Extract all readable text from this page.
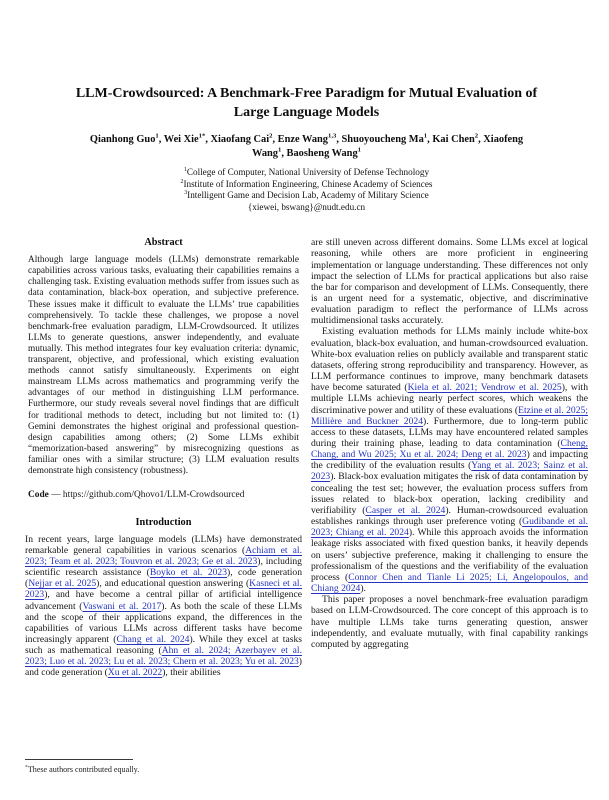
LLM-Crowdsourced: A Benchmark-Free Paradigm for Mutual Evaluation of
Large Language Models
Qianhong Guo$^1$, Wei Xie$^{1*}$, Xiaofang Cai$^2$, Enze Wang$^{1,3}$, Shuoyoucheng Ma$^1$, Kai Chen$^2$, Xiaofeng Wang$^1$, Baosheng Wang$^1$
$^1$College of Computer, National University of Defense Technology
$^2$Institute of Information Engineering, Chinese Academy of Sciences
$^3$Intelligent Game and Decision Lab, Academy of Military Science
{xiewei, bswang}@nudt.edu.cn
Abstract
Although large language models (LLMs) demonstrate remarkable capabilities across various tasks, evaluating their capabilities remains a challenging task. Existing evaluation methods suffer from issues such as data contamination, black-box operation, and subjective preference. These issues make it difficult to evaluate the LLMs’ true capabilities comprehensively. To tackle these challenges, we propose a novel benchmark-free evaluation paradigm, LLM-Crowdsourced. It utilizes LLMs to generate questions, answer independently, and evaluate mutually. This method integrates four key evaluation criteria: dynamic, transparent, objective, and professional, which existing evaluation methods cannot satisfy simultaneously. Experiments on eight mainstream LLMs across mathematics and programming verify the advantages of our method in distinguishing LLM performance. Furthermore, our study reveals several novel findings that are difficult for traditional methods to detect, including but not limited to: (1) Gemini demonstrates the highest original and professional question-design capabilities among others; (2) Some LLMs exhibit “memorization-based answering” by misrecognizing questions as familiar ones with a similar structure; (3) LLM evaluation results demonstrate high consistency (robustness).
Code — https://github.com/Qhovo1/LLM-Crowdsourced
Introduction
In recent years, large language models (LLMs) have demonstrated remarkable general capabilities in various scenarios (Achiam et al. 2023; Team et al. 2023; Touvron et al. 2023; Ge et al. 2023), including scientific research assistance (Boyko et al. 2023), code generation (Nejjar et al. 2025), and educational question answering (Kasneci et al. 2023), and have become a central pillar of artificial intelligence advancement (Vaswani et al. 2017). As both the scale of these LLMs and the scope of their applications expand, the differences in the capabilities of various LLMs across different tasks have become increasingly apparent (Chang et al. 2024). While they excel at tasks such as mathematical reasoning (Ahn et al. 2024; Azerbayev et al. 2023; Luo et al. 2023; Lu et al. 2023; Chern et al. 2023; Yu et al. 2023) and code generation (Xu et al. 2022), their abilities
*These authors contributed equally.
are still uneven across different domains. Some LLMs excel at logical reasoning, while others are more proficient in engineering implementation or language understanding. These differences not only impact the selection of LLMs for practical applications but also raise the bar for comparison and development of LLMs. Consequently, there is an urgent need for a systematic, objective, and discriminative evaluation paradigm to reflect the performance of LLMs across multidimensional tasks accurately.
Existing evaluation methods for LLMs mainly include white-box evaluation, black-box evaluation, and human-crowdsourced evaluation. White-box evaluation relies on publicly available and transparent static datasets, offering strong reproducibility and transparency. However, as LLM performance continues to improve, many benchmark datasets have become saturated (Kiela et al. 2021; Vendrow et al. 2025), with multiple LLMs achieving nearly perfect scores, which weakens the discriminative power and utility of these evaluations (Etzine et al. 2025; Millière and Buckner 2024). Furthermore, due to long-term public access to these datasets, LLMs may have encountered related samples during their training phase, leading to data contamination (Cheng, Chang, and Wu 2025; Xu et al. 2024; Deng et al. 2023) and impacting the credibility of the evaluation results (Yang et al. 2023; Sainz et al. 2023). Black-box evaluation mitigates the risk of data contamination by concealing the test set; however, the evaluation process suffers from issues related to black-box operation, lacking credibility and verifiability (Casper et al. 2024). Human-crowdsourced evaluation establishes rankings through user preference voting (Gudibande et al. 2023; Chiang et al. 2024). While this approach avoids the information leakage risks associated with fixed question banks, it heavily depends on users’ subjective preference, making it challenging to ensure the professionalism of the questions and the verifiability of the evaluation process (Connor Chen and Tianle Li 2025; Li, Angelopoulos, and Chiang 2024).
This paper proposes a novel benchmark-free evaluation paradigm based on LLM-Crowdsourced. The core concept of this approach is to have multiple LLMs take turns generating question, answer independently, and evaluate mutually, with final capability rankings computed by aggregating
